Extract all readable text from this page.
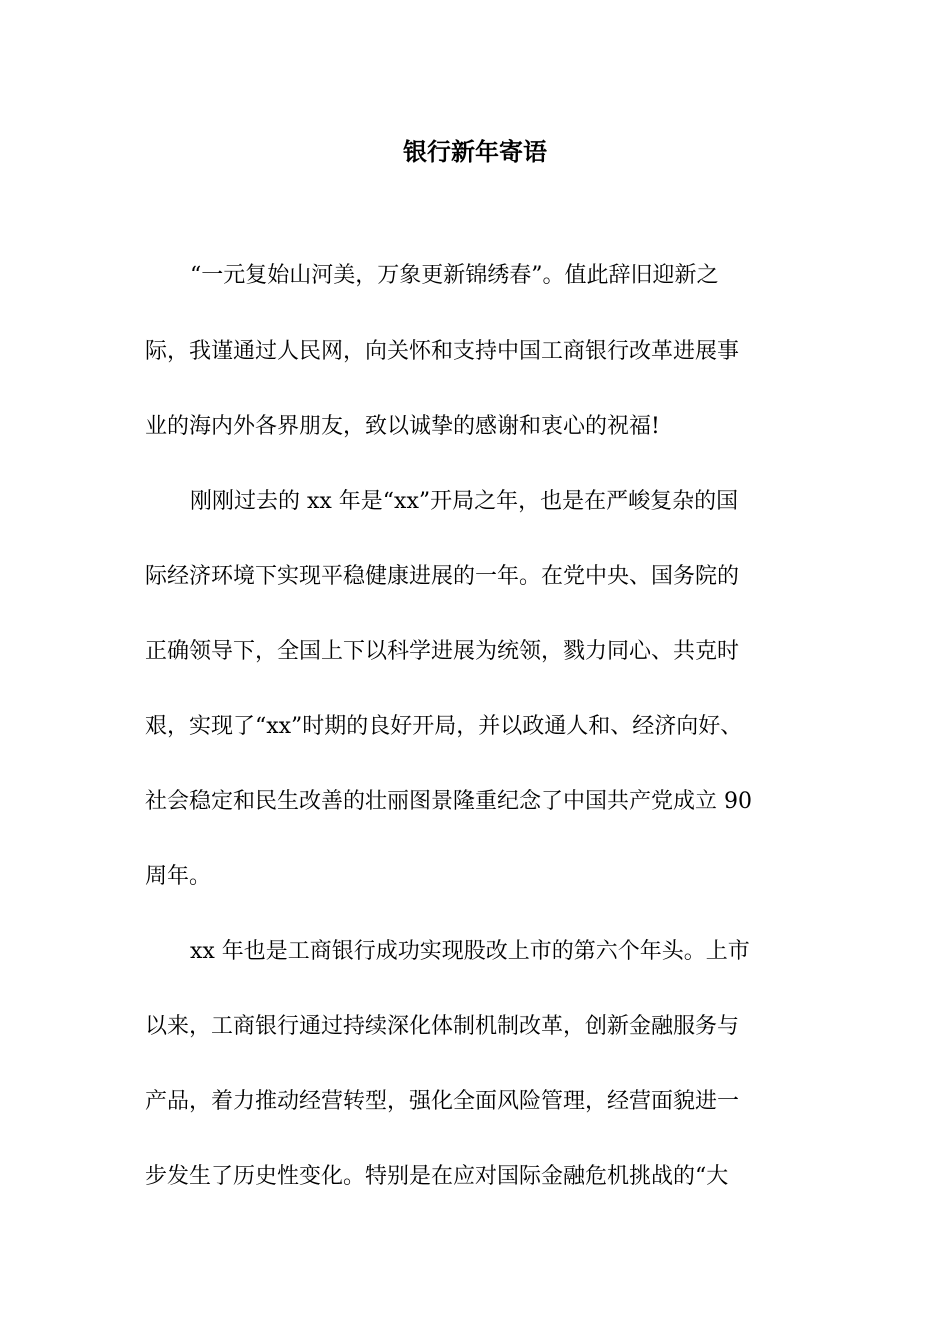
银行新年寄语
“一元复始山河美，万象更新锦绣春”。值此辞旧迎新之
际，我谨通过人民网，向关怀和支持中国工商银行改革进展事
业的海内外各界朋友，致以诚挚的感谢和衷心的祝福!
刚刚过去的 xx 年是“xx”开局之年，也是在严峻复杂的国
际经济环境下实现平稳健康进展的一年。在党中央、国务院的
正确领导下，全国上下以科学进展为统领，戮力同心、共克时
艰，实现了“xx”时期的良好开局，并以政通人和、经济向好、
社会稳定和民生改善的壮丽图景隆重纪念了中国共产党成立 90
周年。
xx 年也是工商银行成功实现股改上市的第六个年头。上市
以来，工商银行通过持续深化体制机制改革，创新金融服务与
产品，着力推动经营转型，强化全面风险管理，经营面貌进一
步发生了历史性变化。特别是在应对国际金融危机挑战的“大
